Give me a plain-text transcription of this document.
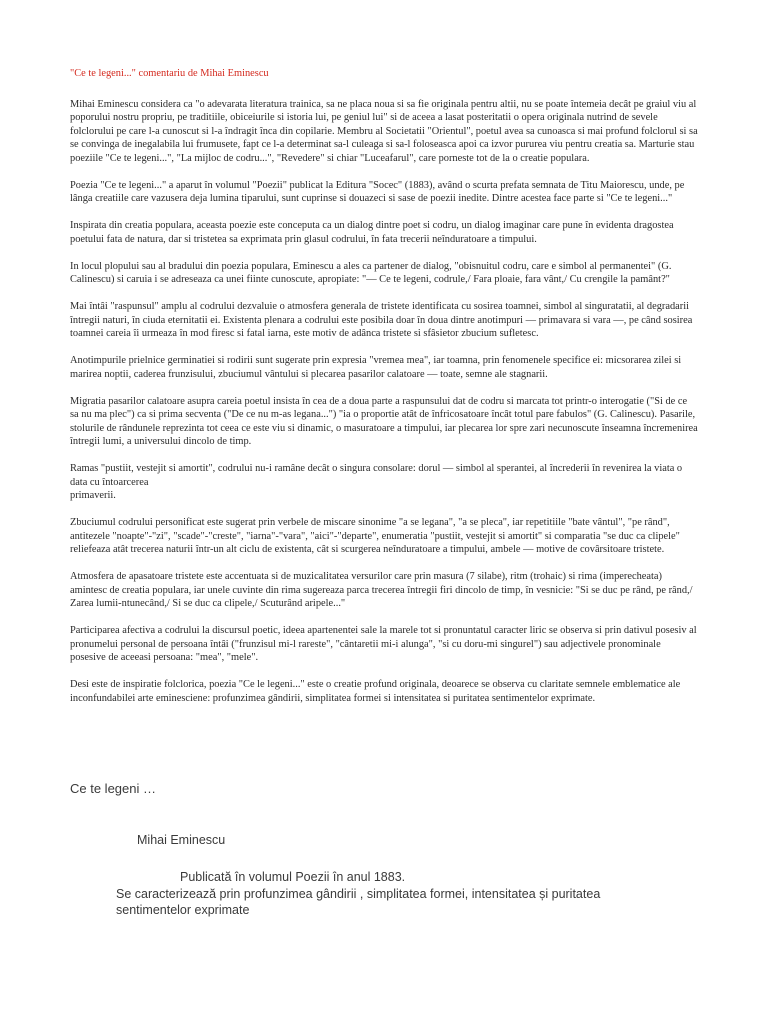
"Ce te legeni..." comentariu de Mihai Eminescu

Mihai Eminescu considera ca "o adevarata literatura trainica, sa ne placa noua si sa fie originala pentru altii, nu se poate întemeia decât pe graiul viu al poporului nostru propriu, pe traditiile, obiceiurile si istoria lui, pe geniul lui" si de aceea a lasat posteritatii o opera originala nutrind de sevele folclorului pe care l-a cunoscut si l-a îndragit înca din copilarie. Membru al Societatii "Orientul", poetul avea sa cunoasca si mai profund folclorul si sa se convinga de inegalabila lui frumusete, fapt ce l-a determinat sa-l culeaga si sa-l foloseasca apoi ca izvor pururea viu pentru creatia sa. Marturie stau poeziile "Ce te legeni...", "La mijloc de codru...", "Revedere" si chiar "Luceafarul", care porneste tot de la o creatie populara.

Poezia "Ce te legeni..." a aparut în volumul "Poezii" publicat la Editura "Socec" (1883), având o scurta prefata semnata de Titu Maiorescu, unde, pe lânga creatiile care vazusera deja lumina tiparului, sunt cuprinse si douazeci si sase de poezii inedite. Dintre acestea face parte si "Ce te legeni..."

Inspirata din creatia populara, aceasta poezie este conceputa ca un dialog dintre poet si codru, un dialog imaginar care pune în evidenta dragostea poetului fata de natura, dar si tristetea sa exprimata prin glasul codrului, în fata trecerii neînduratoare a timpului.

In locul plopului sau al bradului din poezia populara, Eminescu a ales ca partener de dialog, "obisnuitul codru, care e simbol al permanentei" (G. Calinescu) si caruia i se adreseaza ca unei fiinte cunoscute, apropiate: "— Ce te legeni, codrule,/ Fara ploaie, fara vânt,/ Cu crengile la pamânt?"

Mai întâi "raspunsul" amplu al codrului dezvaluie o atmosfera generala de tristete identificata cu sosirea toamnei, simbol al singuratatii, al degradarii întregii naturi, în ciuda eternitatii ei. Existenta plenara a codrului este posibila doar în doua dintre anotimpuri — primavara si vara —, pe când sosirea toamnei careia îi urmeaza în mod firesc si fatal iarna, este motiv de adânca tristete si sfâsietor zbucium sufletesc.

Anotimpurile prielnice germinatiei si rodirii sunt sugerate prin expresia "vremea mea", iar toamna, prin fenomenele specifice ei: micsorarea zilei si marirea noptii, caderea frunzisului, zbuciumul vântului si plecarea pasarilor calatoare — toate, semne ale stagnarii.

Migratia pasarilor calatoare asupra careia poetul insista în cea de a doua parte a raspunsului dat de codru si marcata tot printr-o interogatie ("Si de ce sa nu ma plec") ca si prima secventa ("De ce nu m-as legana...") "ia o proportie atât de înfricosatoare încât totul pare fabulos" (G. Calinescu). Pasarile, stolurile de rândunele reprezinta tot ceea ce este viu si dinamic, o masuratoare a timpului, iar plecarea lor spre zari necunoscute înseamna încremenirea întregii lumi, a universului dincolo de timp.

Ramas "pustiit, vestejit si amortit", codrului nu-i ramâne decât o singura consolare: dorul — simbol al sperantei, al încrederii în revenirea la viata o data cu întoarcerea
primaverii.

Zbuciumul codrului personificat este sugerat prin verbele de miscare sinonime "a se legana", "a se pleca", iar repetitiile "bate vântul", "pe rând", antitezele "noapte"-"zi", "scade"-"creste", "iarna"-"vara", "aici"-"departe", enumeratia "pustiit, vestejit si amortit" si comparatia "se duc ca clipele" reliefeaza atât trecerea naturii într-un alt ciclu de existenta, cât si scurgerea neînduratoare a timpului, ambele — motive de covârsitoare tristete.

Atmosfera de apasatoare tristete este accentuata si de muzicalitatea versurilor care prin masura (7 silabe), ritm (trohaic) si rima (imperecheata) amintesc de creatia populara, iar unele cuvinte din rima sugereaza parca trecerea întregii firi dincolo de timp, în vesnicie: "Si se duc pe rând, pe rând,/ Zarea lumii-ntunecând,/ Si se duc ca clipele,/ Scuturând aripele..."

Participarea afectiva a codrului la discursul poetic, ideea apartenentei sale la marele tot si pronuntatul caracter liric se observa si prin dativul posesiv al pronumelui personal de persoana întâi ("frunzisul mi-l rareste", "cântaretii mi-i alunga", "si cu doru-mi singurel") sau adjectivele pronominale posesive de aceeasi persoana: "mea", "mele".

Desi este de inspiratie folclorica, poezia "Ce le legeni..." este o creatie profund originala, deoarece se observa cu claritate semnele emblematice ale inconfundabilei arte eminesciene: profunzimea gândirii, simplitatea formei si intensitatea si puritatea sentimentelor exprimate.

Ce te legeni …
Mihai Eminescu
Publicată în volumul Poezii în anul 1883.
Se caracterizează prin profunzimea gândirii , simplitatea formei, intensitatea și puritatea sentimentelor exprimate
